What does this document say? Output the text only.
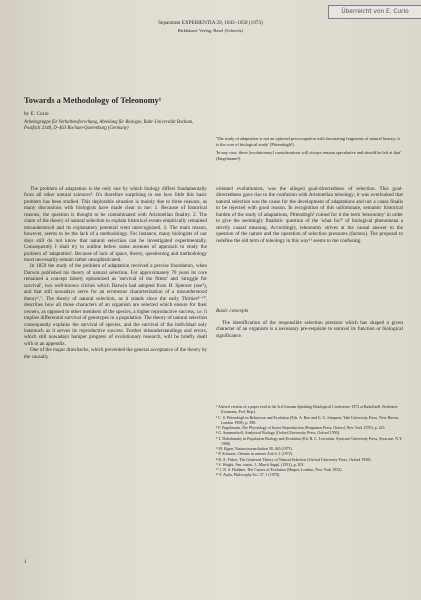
Überreicht von E. Curio
Separatum EXPERIENTIA 29, 1043–1058 (1973)
Birkhäuser Verlag, Basel (Schweiz)
Towards a Methodology of Teleonomy¹
by E. Curio
Arbeitsgruppe für Verhaltensforschung, Abteilung für Biologie, Ruhr-Universität Bochum, Postfach 2148, D–463 Bochum-Querenburg (Germany)

'The study of adaptation is not an optional preoccupation with fascinating fragments of natural history; it is the core of biological study' (Pittendrigh²).

'In any case, these [evolutionary] considerations will always remain speculative and should be left at that' (Engelmann³).

The problem of adaptation is the only one by which biology differs fundamentally from all other natural sciences⁴. It's therefore surprising to see how little this basic problem has been studied. This deplorable situation is mainly due to three reasons, as many discussions with biologists have made clear to me: 1. Because of historical reasons, the question is thought to be contaminated with Aristotelian finality. 2. The claim of the theory of natural selection to explain historical events empirically remained misunderstood and its explanatory potential went unrecognized. 3. The main reason, however, seems to be the lack of a methodology. For instance, many biologists of our days still do not know that natural selection can be investigated experimentally. Consequently I shall try to outline below some avenues of approach to study the problem of 'adaptation'. Because of lack of space, theory, questioning and methodology must necessarily remain rather unsophisticated.

In 1859 the study of the problem of adaptation received a precise foundation, when Darwin published his theory of natural selection. For approximately 70 years its core remained a concept falsely epitomized as 'survival of the fittest' and 'struggle for survival', two well-known clichés which Darwin had adopted from H. Spencer (see⁵), and that still nowadays serve for an erroneous characterization of a misunderstood theory⁶,⁷. The theory of natural selection, as it stands since the early Thirties⁸⁻¹⁰, describes how all those characters of an organism are selected which ensure for their owners, as opposed to other members of the species, a higher reproductive success, i.e. it implies differential survival of genotypes in a population. The theory of natural selection consequently explains the survival of species, and the survival of the individual only inasmuch as it serves its reproductive success. Further misunderstandings and errors, which still nowadays hamper progress of evolutionary research, will be briefly dealt with in an appendix.

One of the major drawbacks, which prevented the general acceptance of the theory by the causally

oriented evolutionists, was the alleged goal-directedness of selection. This goal-directedness gave rise to the confusion with Aristotelian teleology; it was overlooked that natural selection was the cause for the development of adaptations and not a causa finalis to be rejected with good reason. In recognition of this unfortunate, semantic historical burden of the study of adaptations, Pittendrigh² coined for it the term 'teleonomy' in order to give the seemingly finalistic question of the 'what for?' of biological phenomena a strictly causal meaning. Accordingly, teleonomy strives at the causal answer to the question of the nature and the operation of selection pressures (factors). The proposal to redefine the old term of teleology in this way¹¹ seems to me confusing.

Basic concepts

The identification of the responsible selection pressure which has shaped a given character of an organism is a necessary pre-requisite to unravel its function or biological significance.

¹ Altered version of a paper read at the 3rd German Speaking Ethological Conference 1972 at Radolfzell, Bodensee (Germany, Fed. Rep.).

² C. S. Pittendrigh in Behaviour and Evolution (Eds. A. Roe and G. G. Simpson; Yale University Press, New Haven, London 1958), p. 390.

³ F. Engelmann, The Physiology of Insect Reproduction (Pergamon Press, Oxford, New York 1970), p. 223.

⁴ G. Sommerhoff, Analytical Biology (Oxford University Press, Oxford 1950).

⁵ T. Dobzhansky in Population Biology and Evolution (Ed. R. C. Lewontin; Syracuse University Press, Syracuse, N.Y. 1968).

⁶ M. Eigen, Naturwissenschaften 58, 465 (1971).

⁷ P. Schuster, Chemie in unserer Zeit 6, 1 (1972).

⁸ R. A. Fisher, The Genetical Theory of Natural Selection (Oxford University Press, Oxford 1930).

⁹ S. Wright, Am. statist. J., March Suppl. (1931), p. 201.

¹⁰ J. B. S. Haldane, The Causes of Evolution (Harper, London, New York 1932).

¹¹ F. Ayala, Philosophy Sci. 37, 1 (1970).

1
